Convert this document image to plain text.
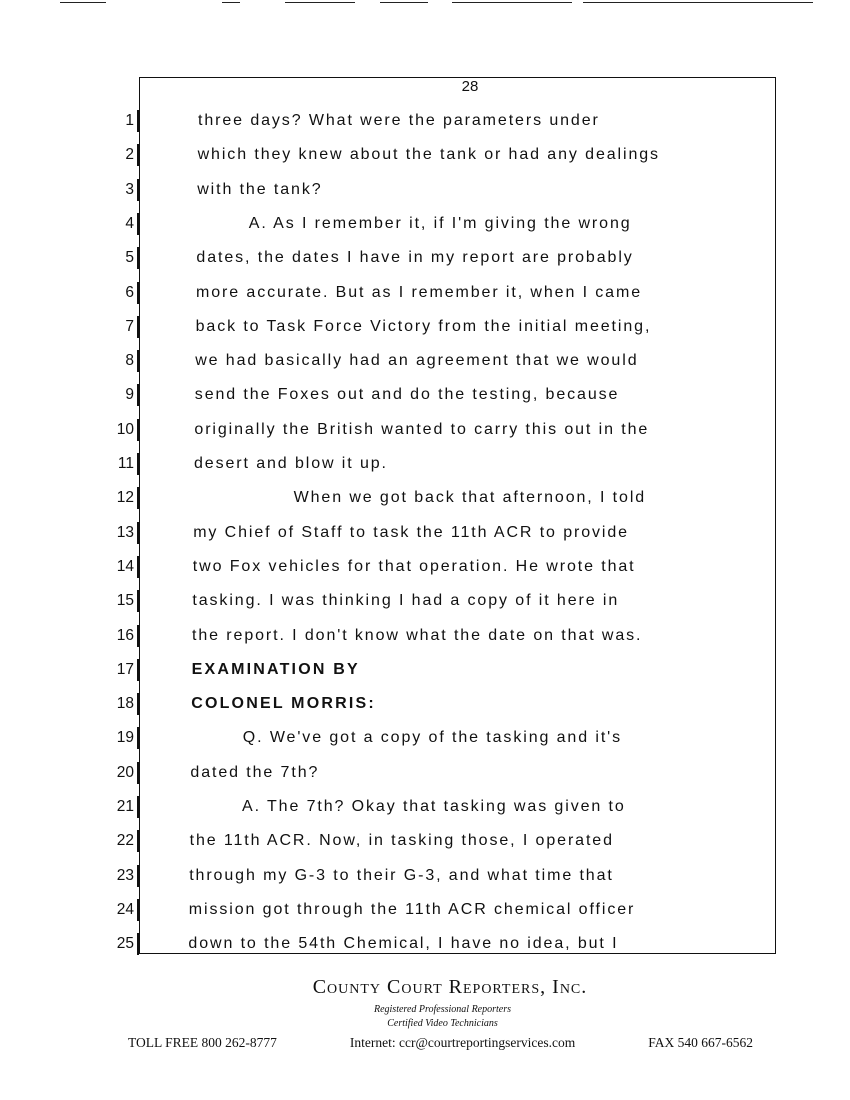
28
1	three days? What were the parameters under
2	which they knew about the tank or had any dealings
3	with the tank?
4	A. As I remember it, if I'm giving the wrong
5	dates, the dates I have in my report are probably
6	more accurate. But as I remember it, when I came
7	back to Task Force Victory from the initial meeting,
8	we had basically had an agreement that we would
9	send the Foxes out and do the testing, because
10	originally the British wanted to carry this out in the
11	desert and blow it up.
12	When we got back that afternoon, I told
13	my Chief of Staff to task the 11th ACR to provide
14	two Fox vehicles for that operation. He wrote that
15	tasking. I was thinking I had a copy of it here in
16	the report. I don't know what the date on that was.
17	EXAMINATION BY
18	COLONEL MORRIS:
19	Q. We've got a copy of the tasking and it's
20	dated the 7th?
21	A. The 7th? Okay that tasking was given to
22	the 11th ACR. Now, in tasking those, I operated
23	through my G-3 to their G-3, and what time that
24	mission got through the 11th ACR chemical officer
25	down to the 54th Chemical, I have no idea, but I
County Court Reporters, Inc.
Registered Professional Reporters
Certified Video Technicians
TOLL FREE 800 262-8777	Internet: ccr@courtreportingservices.com	FAX 540 667-6562
